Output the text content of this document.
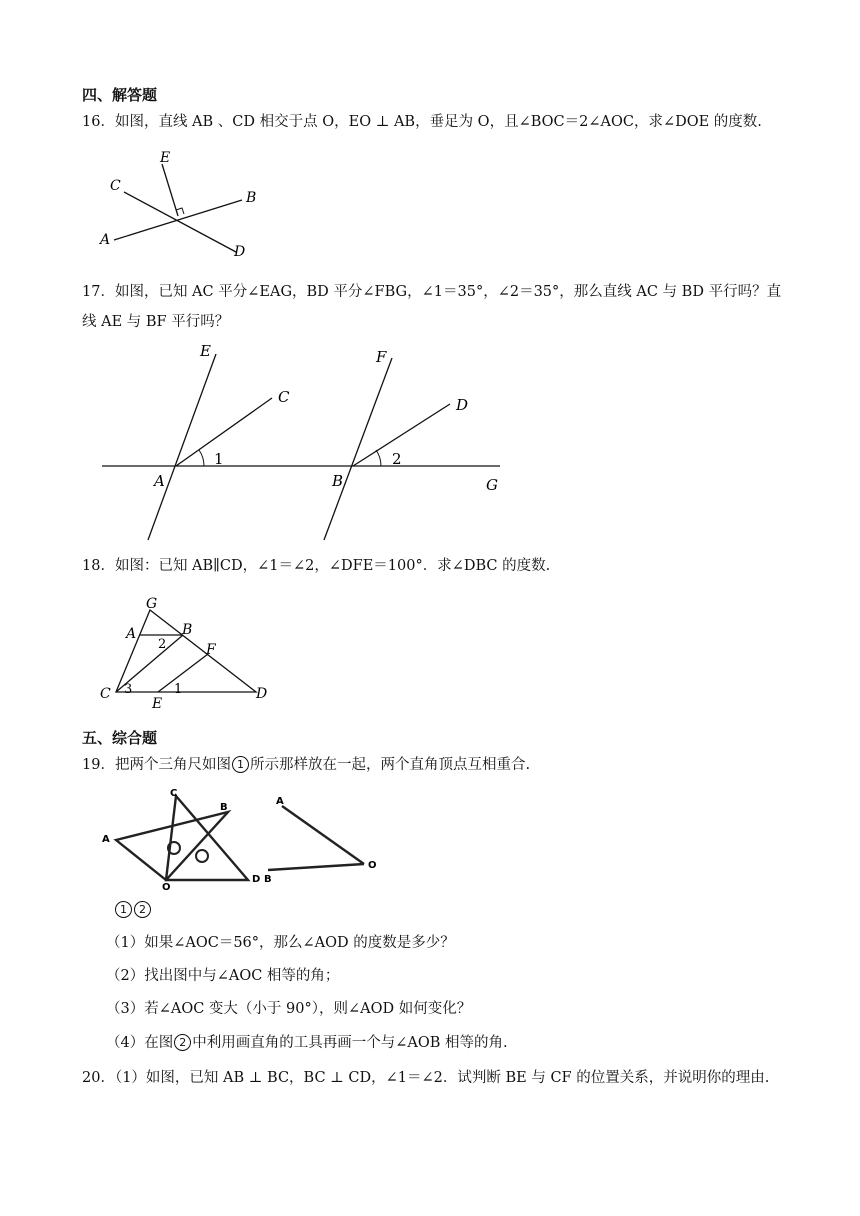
四、解答题
16．如图，直线 AB 、CD 相交于点 O，EO ⊥ AB，垂足为 O，且∠BOC＝2∠AOC，求∠DOE 的度数.
E
C
B
A
D
17．如图，已知 AC 平分∠EAG，BD 平分∠FBG，∠1＝35°，∠2＝35°，那么直线 AC 与 BD 平行吗？直
线 AE 与 BF 平行吗？
E	F
C	D
1	2
A	B	G
18．如图：已知 AB∥CD，∠1＝∠2，∠DFE＝100°．求∠DBC 的度数.
G
A	B
F
2
3	1
C	D
E
五、综合题
19．把两个三角尺如图 1 所示那样放在一起，两个直角顶点互相重合.
C
B
A
O
D
A
B
O
1 2
（1）如果∠AOC＝56°，那么∠AOD 的度数是多少？
（2）找出图中与∠AOC 相等的角；
（3）若∠AOC 变大（小于 90°），则∠AOD 如何变化？
（4）在图 2 中利用画直角的工具再画一个与∠AOB 相等的角.
20．（1）如图，已知 AB ⊥ BC，BC ⊥ CD，∠1＝∠2．试判断 BE 与 CF 的位置关系，并说明你的理由.
